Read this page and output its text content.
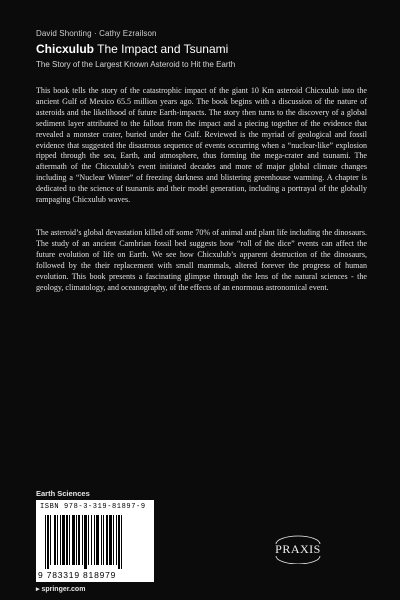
David Shonting · Cathy Ezrailson
Chicxulub The Impact and Tsunami
The Story of the Largest Known Asteroid to Hit the Earth

This book tells the story of the catastrophic impact of the giant 10 Km asteroid Chicxulub into the ancient Gulf of Mexico 65.5 million years ago. The book begins with a discussion of the nature of asteroids and the likelihood of future Earth-impacts. The story then turns to the discovery of a global sediment layer attributed to the fallout from the impact and a piecing together of the evidence that revealed a monster crater, buried under the Gulf. Reviewed is the myriad of geological and fossil evidence that suggested the disastrous sequence of events occurring when a “nuclear-like” explosion ripped through the sea, Earth, and atmosphere, thus forming the mega-crater and tsunami. The aftermath of the Chicxulub’s event initiated decades and more of major global climate changes including a “Nuclear Winter” of freezing darkness and blistering greenhouse warming. A chapter is dedicated to the science of tsunamis and their model generation, including a portrayal of the globally rampaging Chicxulub waves.

The asteroid’s global devastation killed off some 70% of animal and plant life including the dinosaurs. The study of an ancient Cambrian fossil bed suggests how “roll of the dice” events can affect the future evolution of life on Earth. We see how Chicxulub’s apparent destruction of the dinosaurs, followed by the their replacement with small mammals, altered forever the progress of human evolution. This book presents a fascinating glimpse through the lens of the natural sciences - the geology, climatology, and oceanography, of the effects of an enormous astronomical event.

Earth Sciences
ISBN 978-3-319-81897-9
9 783319 818979
▸ springer.com
PRAXIS
